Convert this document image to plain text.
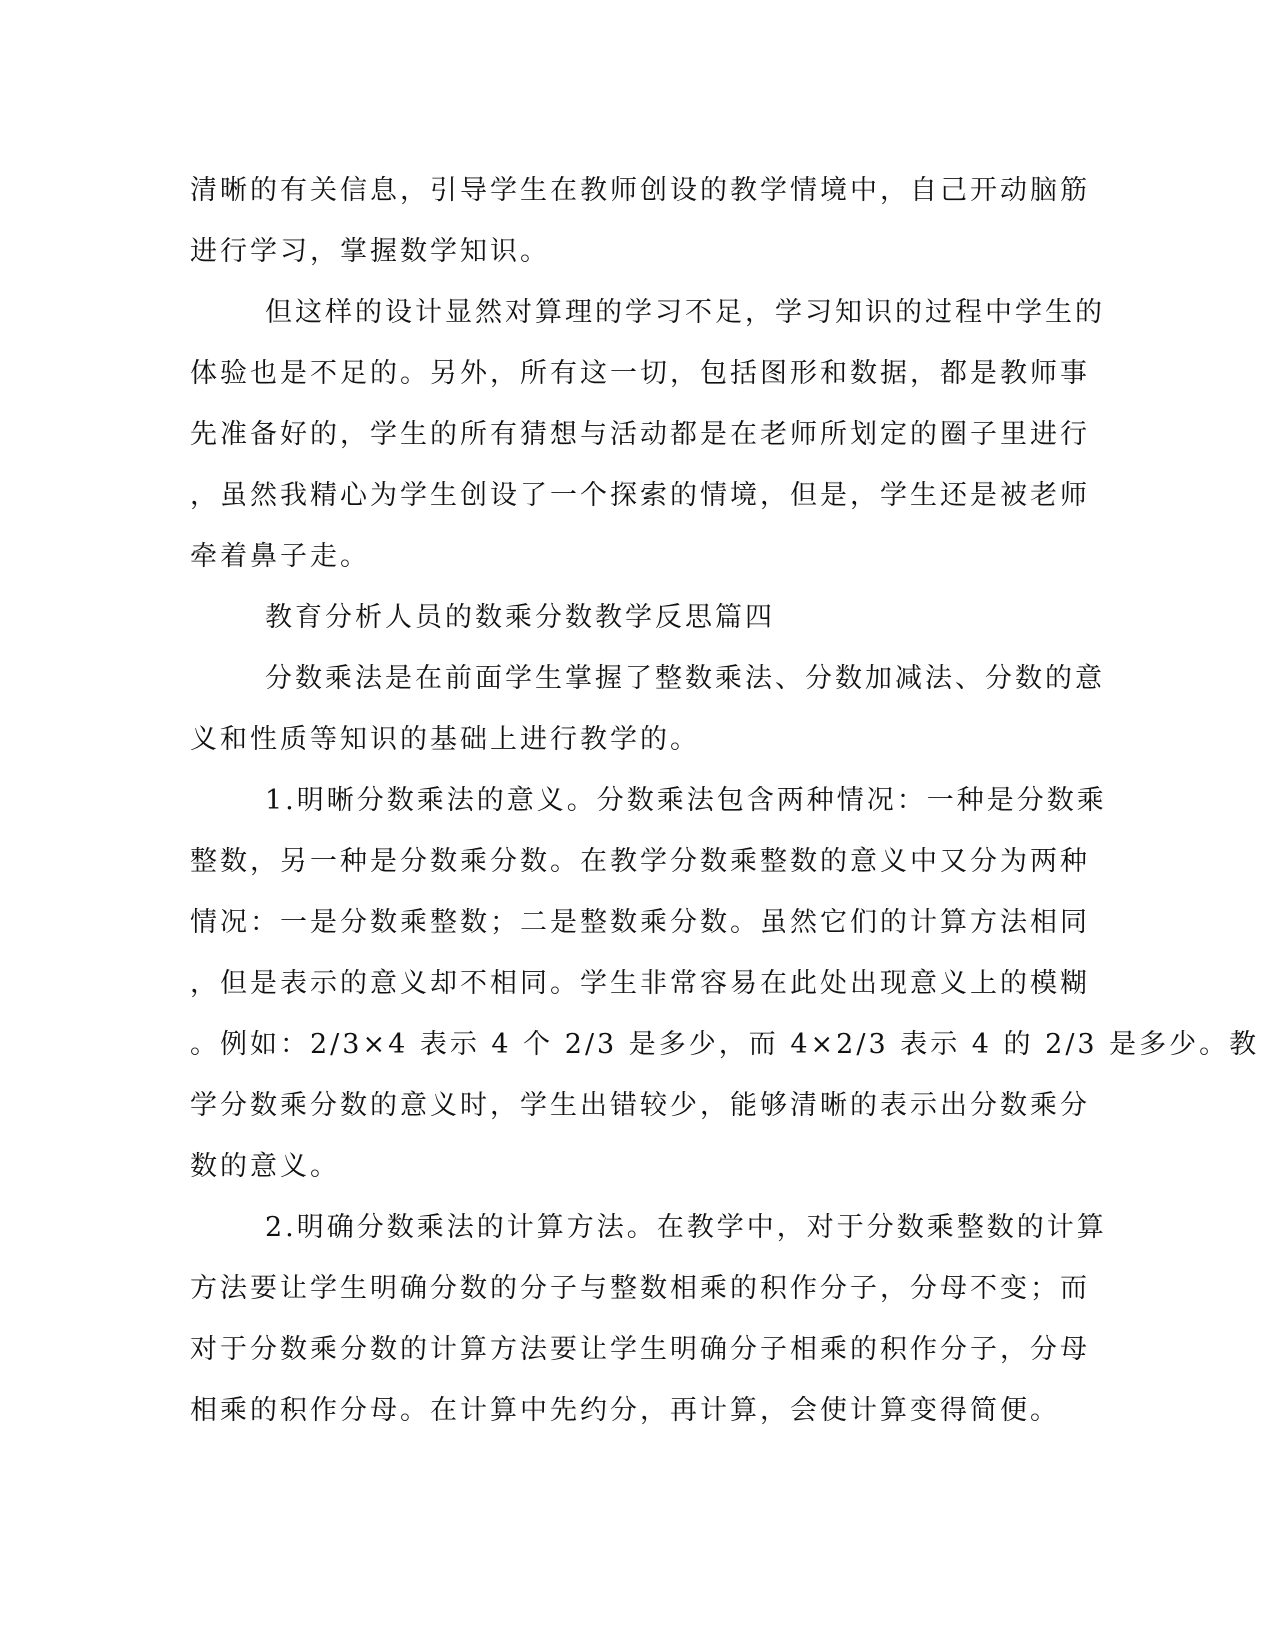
清晰的有关信息，引导学生在教师创设的教学情境中，自己开动脑筋

进行学习，掌握数学知识。

但这样的设计显然对算理的学习不足，学习知识的过程中学生的

体验也是不足的。另外，所有这一切，包括图形和数据，都是教师事

先准备好的，学生的所有猜想与活动都是在老师所划定的圈子里进行

，虽然我精心为学生创设了一个探索的情境，但是，学生还是被老师

牵着鼻子走。

教育分析人员的数乘分数教学反思篇四

分数乘法是在前面学生掌握了整数乘法、分数加减法、分数的意

义和性质等知识的基础上进行教学的。

1.明晰分数乘法的意义。分数乘法包含两种情况：一种是分数乘

整数，另一种是分数乘分数。在教学分数乘整数的意义中又分为两种

情况：一是分数乘整数；二是整数乘分数。虽然它们的计算方法相同

，但是表示的意义却不相同。学生非常容易在此处出现意义上的模糊

。例如：2/3×4 表示 4 个 2/3 是多少，而 4×2/3 表示 4 的 2/3 是多少。教

学分数乘分数的意义时，学生出错较少，能够清晰的表示出分数乘分

数的意义。

2.明确分数乘法的计算方法。在教学中，对于分数乘整数的计算

方法要让学生明确分数的分子与整数相乘的积作分子，分母不变；而

对于分数乘分数的计算方法要让学生明确分子相乘的积作分子，分母

相乘的积作分母。在计算中先约分，再计算，会使计算变得简便。
